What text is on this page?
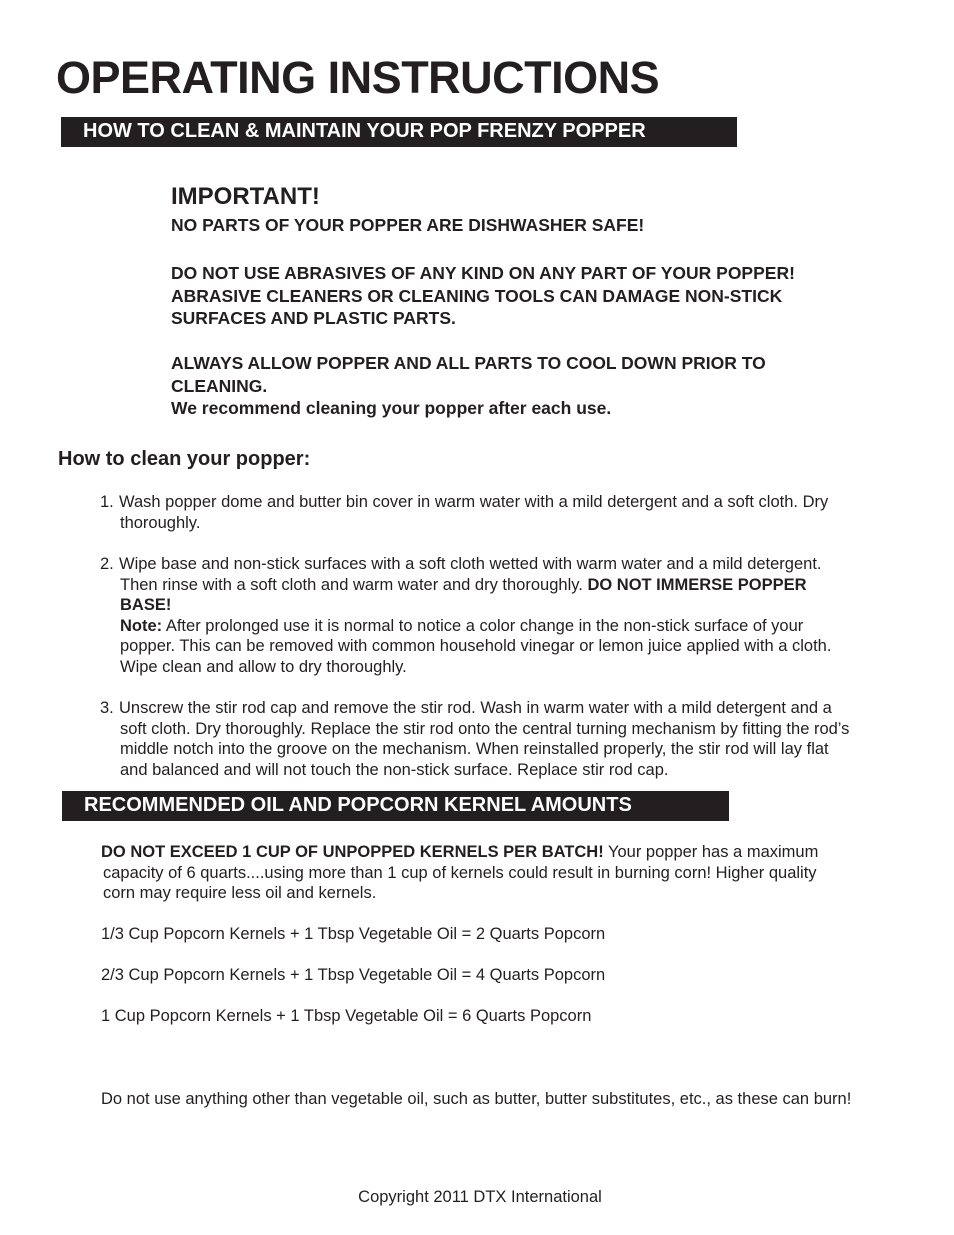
OPERATING INSTRUCTIONS
HOW TO CLEAN & MAINTAIN YOUR POP FRENZY POPPER
IMPORTANT!
NO PARTS OF YOUR POPPER ARE DISHWASHER SAFE!
DO NOT USE ABRASIVES OF ANY KIND ON ANY PART OF YOUR POPPER!
ABRASIVE CLEANERS OR CLEANING TOOLS CAN DAMAGE NON-STICK
SURFACES AND PLASTIC PARTS.
ALWAYS ALLOW POPPER AND ALL PARTS TO COOL DOWN PRIOR TO
CLEANING.
We recommend cleaning your popper after each use.
How to clean your popper:
1. Wash popper dome and butter bin cover in warm water with a mild detergent and a soft cloth. Dry
thoroughly.
2. Wipe base and non-stick surfaces with a soft cloth wetted with warm water and a mild detergent.
Then rinse with a soft cloth and warm water and dry thoroughly. DO NOT IMMERSE POPPER
BASE!
Note: After prolonged use it is normal to notice a color change in the non-stick surface of your
popper. This can be removed with common household vinegar or lemon juice applied with a cloth.
Wipe clean and allow to dry thoroughly.
3. Unscrew the stir rod cap and remove the stir rod. Wash in warm water with a mild detergent and a
soft cloth. Dry thoroughly. Replace the stir rod onto the central turning mechanism by fitting the rod’s
middle notch into the groove on the mechanism. When reinstalled properly, the stir rod will lay flat
and balanced and will not touch the non-stick surface. Replace stir rod cap.
RECOMMENDED OIL AND POPCORN KERNEL AMOUNTS
DO NOT EXCEED 1 CUP OF UNPOPPED KERNELS PER BATCH! Your popper has a maximum
capacity of 6 quarts....using more than 1 cup of kernels could result in burning corn! Higher quality
corn may require less oil and kernels.
1/3 Cup Popcorn Kernels + 1 Tbsp Vegetable Oil = 2 Quarts Popcorn
2/3 Cup Popcorn Kernels + 1 Tbsp Vegetable Oil = 4 Quarts Popcorn
1 Cup Popcorn Kernels + 1 Tbsp Vegetable Oil = 6 Quarts Popcorn
Do not use anything other than vegetable oil, such as butter, butter substitutes, etc., as these can burn!
Copyright 2011 DTX International
